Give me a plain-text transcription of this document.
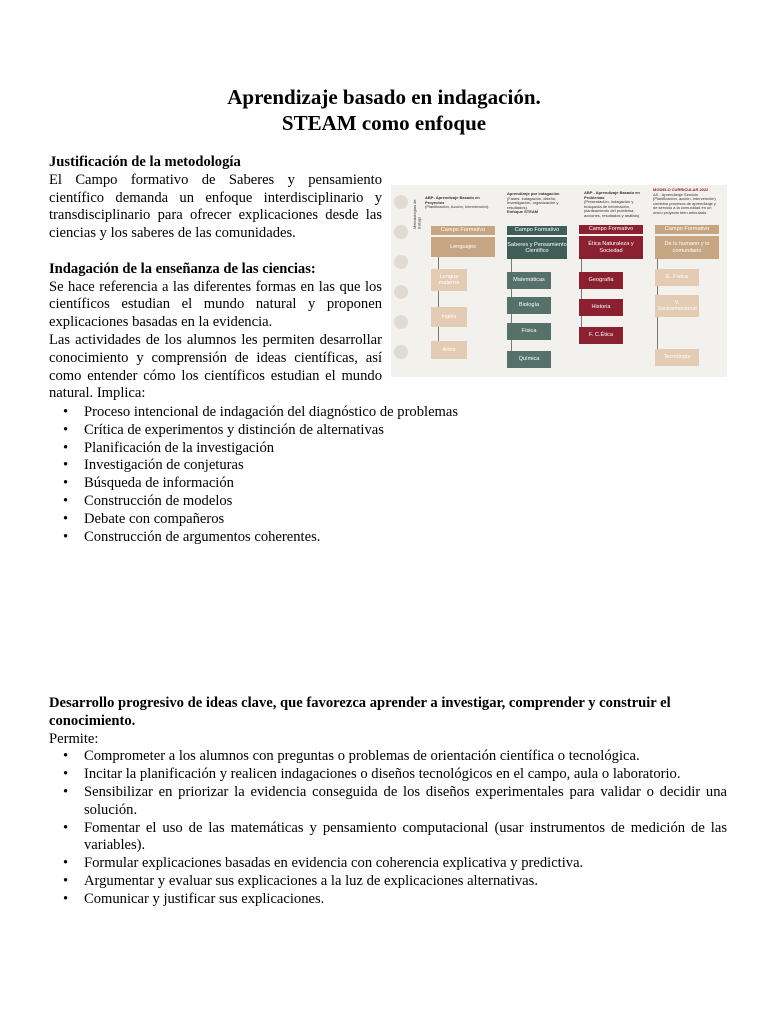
Aprendizaje basado en indagación.
STEAM como enfoque

Justificación de la metodología

El Campo formativo de Saberes y pensamiento científico demanda un enfoque interdisciplinario y transdisciplinario para ofrecer explicaciones desde las ciencias y los saberes de las comunidades.

Indagación de la enseñanza de las ciencias:

Se hace referencia a las diferentes formas en las que los científicos estudian el mundo natural y proponen explicaciones basadas en la evidencia.

Las actividades de los alumnos les permiten desarrollar conocimiento y comprensión de ideas científicas, así como entender cómo los científicos estudian el mundo natural. Implica:

Metodologías de trabajo
ABP- Aprendizaje Basado en Proyectos
(Planificación, Acción, Intervención).
Aprendizaje por indagación
(Fases: Indagación, diseño, Investigación, organización y resultados).
Enfoque STEAM
ABP - Aprendizaje Basado en Problemas
(Presentación, indagación y búsqueda de información, planteamiento del problema, acciones, resultados y análisis).
MODELO CURRICULAR 2022
AS - Aprendizaje Servicio (Planificación, acción, intervención) combina procesos de aprendizaje y de servicio a la comunidad en un único proyecto bien articulado.
Campo Formativo
Lenguajes
Lengua materna
Inglés
Artes
Campo Formativo
Saberes y Pensamiento Científico
Matemáticas
Biología
Física
Química
Campo Formativo
Ética Naturaleza y Sociedad
Geografía
Historia
F. C.Ética
Campo Formativo
De lo humano y lo comunitario
E. Física
V. Socioemocional
Tecnología
• Proceso intencional de indagación del diagnóstico de problemas
• Crítica de experimentos y distinción de alternativas
• Planificación de la investigación
• Investigación de conjeturas
• Búsqueda de información
• Construcción de modelos
• Debate con compañeros
• Construcción de argumentos coherentes.

Desarrollo progresivo de ideas clave, que favorezca aprender a investigar, comprender y construir el conocimiento.

Permite:

• Comprometer a los alumnos con preguntas o problemas de orientación científica o tecnológica.
• Incitar la planificación y realicen indagaciones o diseños tecnológicos en el campo, aula o laboratorio.
• Sensibilizar en priorizar la evidencia conseguida de los diseños experimentales para validar o decidir una solución.
• Fomentar el uso de las matemáticas y pensamiento computacional (usar instrumentos de medición de las variables).
• Formular explicaciones basadas en evidencia con coherencia explicativa y predictiva.
• Argumentar y evaluar sus explicaciones a la luz de explicaciones alternativas.
• Comunicar y justificar sus explicaciones.
